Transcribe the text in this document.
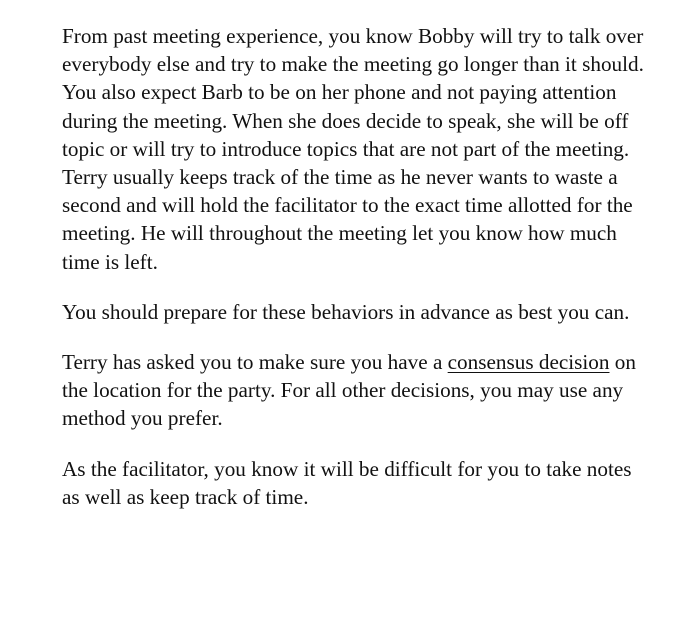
From past meeting experience, you know Bobby will try to talk over everybody else and try to make the meeting go longer than it should. You also expect Barb to be on her phone and not paying attention during the meeting. When she does decide to speak, she will be off topic or will try to introduce topics that are not part of the meeting. Terry usually keeps track of the time as he never wants to waste a second and will hold the facilitator to the exact time allotted for the meeting. He will throughout the meeting let you know how much time is left.

You should prepare for these behaviors in advance as best you can.

Terry has asked you to make sure you have a consensus decision on the location for the party. For all other decisions, you may use any method you prefer.

As the facilitator, you know it will be difficult for you to take notes as well as keep track of time.
